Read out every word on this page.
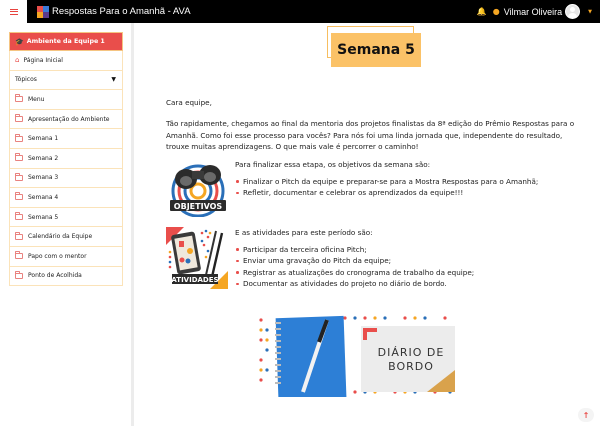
Respostas Para o Amanhã - AVA	🔔 ● Vilmar Oliveira	▼
🎓 Ambiente da Equipe 1
⌂ Página Inicial
Tópicos	▼
Menu
Apresentação do Ambiente
Semana 1
Semana 2
Semana 3
Semana 4
Semana 5
Calendário da Equipe
Papo com o mentor
Ponto de Acolhida
Semana 5

Cara equipe,

Tão rapidamente, chegamos ao final da mentoria dos projetos finalistas da 8ª edição do Prêmio Respostas para o Amanhã. Como foi esse processo para vocês? Para nós foi uma linda jornada que, independente do resultado, trouxe muitas aprendizagens. O que mais vale é percorrer o caminho!

OBJETIVOS

Para finalizar essa etapa, os objetivos da semana são:

Finalizar o Pitch da equipe e preparar-se para a Mostra Respostas para o Amanhã;
Refletir, documentar e celebrar os aprendizados da equipe!!!
ATIVIDADES

E as atividades para este período são:

Participar da terceira oficina Pitch;
Enviar uma gravação do Pitch da equipe;
Registrar as atualizações do cronograma de trabalho da equipe;
Documentar as atividades do projeto no diário de bordo.
DIÁRIO DE
BORDO
↑
